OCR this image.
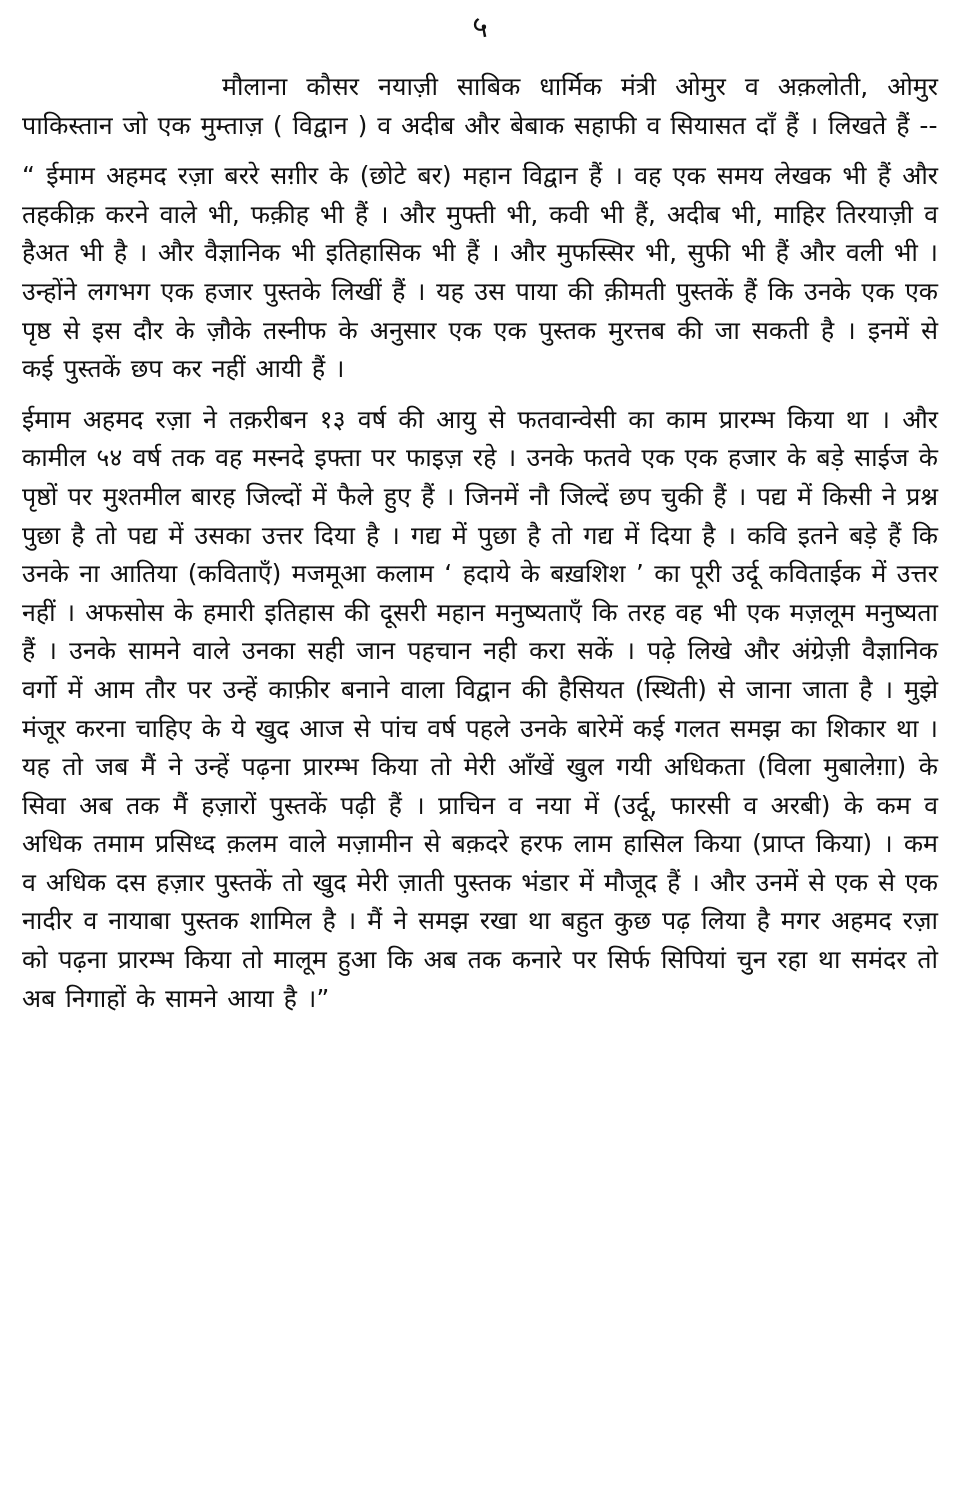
५

मौलाना कौसर नयाज़ी साबिक धार्मिक मंत्री ओमुर व अक़लोती, ओमुर पाकिस्तान जो एक मुम्ताज़ ( विद्वान ) व अदीब और बेबाक सहाफी व सियासत दाँ हैं । लिखते हैं --

“ ईमाम अहमद रज़ा बररे सग़ीर के (छोटे बर) महान विद्वान हैं । वह एक समय लेखक भी हैं और तहकीक़ करने वाले भी, फक़ीह भी हैं । और मुफ्ती भी, कवी भी हैं, अदीब भी, माहिर तिरयाज़ी व हैअत भी है । और वैज्ञानिक भी इतिहासिक भी हैं । और मुफस्सिर भी, सुफी भी हैं और वली भी । उन्होंने लगभग एक हजार पुस्तके लिखीं हैं । यह उस पाया की क़ीमती पुस्तकें हैं कि उनके एक एक पृष्ठ से इस दौर के ज़ौके तस्नीफ के अनुसार एक एक पुस्तक मुरत्तब की जा सकती है । इनमें से कई पुस्तकें छप कर नहीं आयी हैं ।

ईमाम अहमद रज़ा ने तक़रीबन १३ वर्ष की आयु से फतवान्वेसी का काम प्रारम्भ किया था । और कामील ५४ वर्ष तक वह मस्नदे इफ्ता पर फाइज़ रहे । उनके फतवे एक एक हजार के बड़े साईज के पृष्ठों पर मुश्तमील बारह जिल्दों में फैले हुए हैं । जिनमें नौ जिल्दें छप चुकी हैं । पद्य में किसी ने प्रश्न पुछा है तो पद्य में उसका उत्तर दिया है । गद्य में पुछा है तो गद्य में दिया है । कवि इतने बड़े हैं कि उनके ना आतिया (कविताएँ) मजमूआ कलाम ‘ हदाये के बख़शिश ’ का पूरी उर्दू कविताईक में उत्तर नहीं । अफसोस के हमारी इतिहास की दूसरी महान मनुष्यताएँ कि तरह वह भी एक मज़लूम मनुष्यता हैं । उनके सामने वाले उनका सही जान पहचान नही करा सकें । पढ़े लिखे और अंग्रेज़ी वैज्ञानिक वर्गो में आम तौर पर उन्हें काफ़ीर बनाने वाला विद्वान की हैसियत (स्थिती) से जाना जाता है । मुझे मंजूर करना चाहिए के ये खुद आज से पांच वर्ष पहले उनके बारेमें कई गलत समझ का शिकार था । यह तो जब मैं ने उन्हें पढ़ना प्रारम्भ किया तो मेरी आँखें खुल गयी अधिकता (विला मुबालेग़ा) के सिवा अब तक मैं हज़ारों पुस्तकें पढ़ी हैं । प्राचिन व नया में (उर्दू, फारसी व अरबी) के कम व अधिक तमाम प्रसिध्द क़लम वाले मज़ामीन से बक़दरे हरफ लाम हासिल किया (प्राप्त किया) । कम व अधिक दस हज़ार पुस्तकें तो खुद मेरी ज़ाती पुस्तक भंडार में मौजूद हैं । और उनमें से एक से एक नादीर व नायाबा पुस्तक शामिल है । मैं ने समझ रखा था बहुत कुछ पढ़ लिया है मगर अहमद रज़ा को पढ़ना प्रारम्भ किया तो मालूम हुआ कि अब तक कनारे पर सिर्फ सिपियां चुन रहा था समंदर तो अब निगाहों के सामने आया है ।”
